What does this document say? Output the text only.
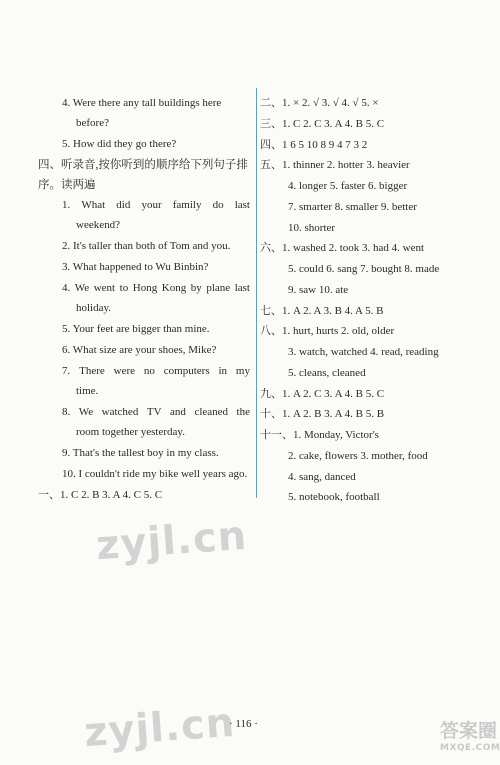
4. Were there any tall buildings here
before?
5. How did they go there?
四、听录音,按你听到的顺序给下列句子排
序。读两遍
1. What did your family do last
weekend?
2. It's taller than both of Tom and you.
3. What happened to Wu Binbin?
4. We went to Hong Kong by plane last
holiday.
5. Your feet are bigger than mine.
6. What size are your shoes, Mike?
7. There were no computers in my
time.
8. We watched TV and cleaned the
room together yesterday.
9. That's the tallest boy in my class.
10. I couldn't ride my bike well years ago.
一、1. C 2. B 3. A 4. C 5. C
二、1. × 2. √ 3. √ 4. √ 5. ×
三、1. C 2. C 3. A 4. B 5. C
四、1 6 5 10 8 9 4 7 3 2
五、1. thinner 2. hotter 3. heavier
4. longer 5. faster 6. bigger
7. smarter 8. smaller 9. better
10. shorter
六、1. washed 2. took 3. had 4. went
5. could 6. sang 7. bought 8. made
9. saw 10. ate
七、1. A 2. A 3. B 4. A 5. B
八、1. hurt, hurts 2. old, older
3. watch, watched 4. read, reading
5. cleans, cleaned
九、1. A 2. C 3. A 4. B 5. C
十、1. A 2. B 3. A 4. B 5. B
十一、1. Monday, Victor's
2. cake, flowers 3. mother, food
4. sang, danced
5. notebook, football
zyjl.cn
zyjl.cn
· 116 ·	答案圈
MXQE.COM
